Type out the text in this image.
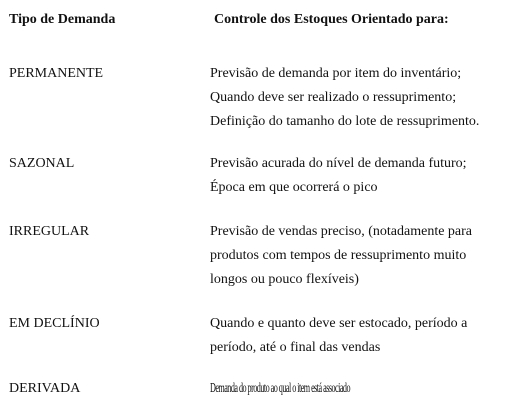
Tipo de Demanda	Controle dos Estoques Orientado para:
PERMANENTE	Previsão de demanda por item do inventário;
Quando deve ser realizado o ressuprimento;
Definição do tamanho do lote de ressuprimento.
SAZONAL	Previsão acurada do nível de demanda futuro;
Época em que ocorrerá o pico
IRREGULAR	Previsão de vendas preciso, (notadamente para
produtos com tempos de ressuprimento muito
longos ou pouco flexíveis)
EM DECLÍNIO	Quando e quanto deve ser estocado, período a
período, até o final das vendas
DERIVADA	Demanda do produto ao qual o item está associado
